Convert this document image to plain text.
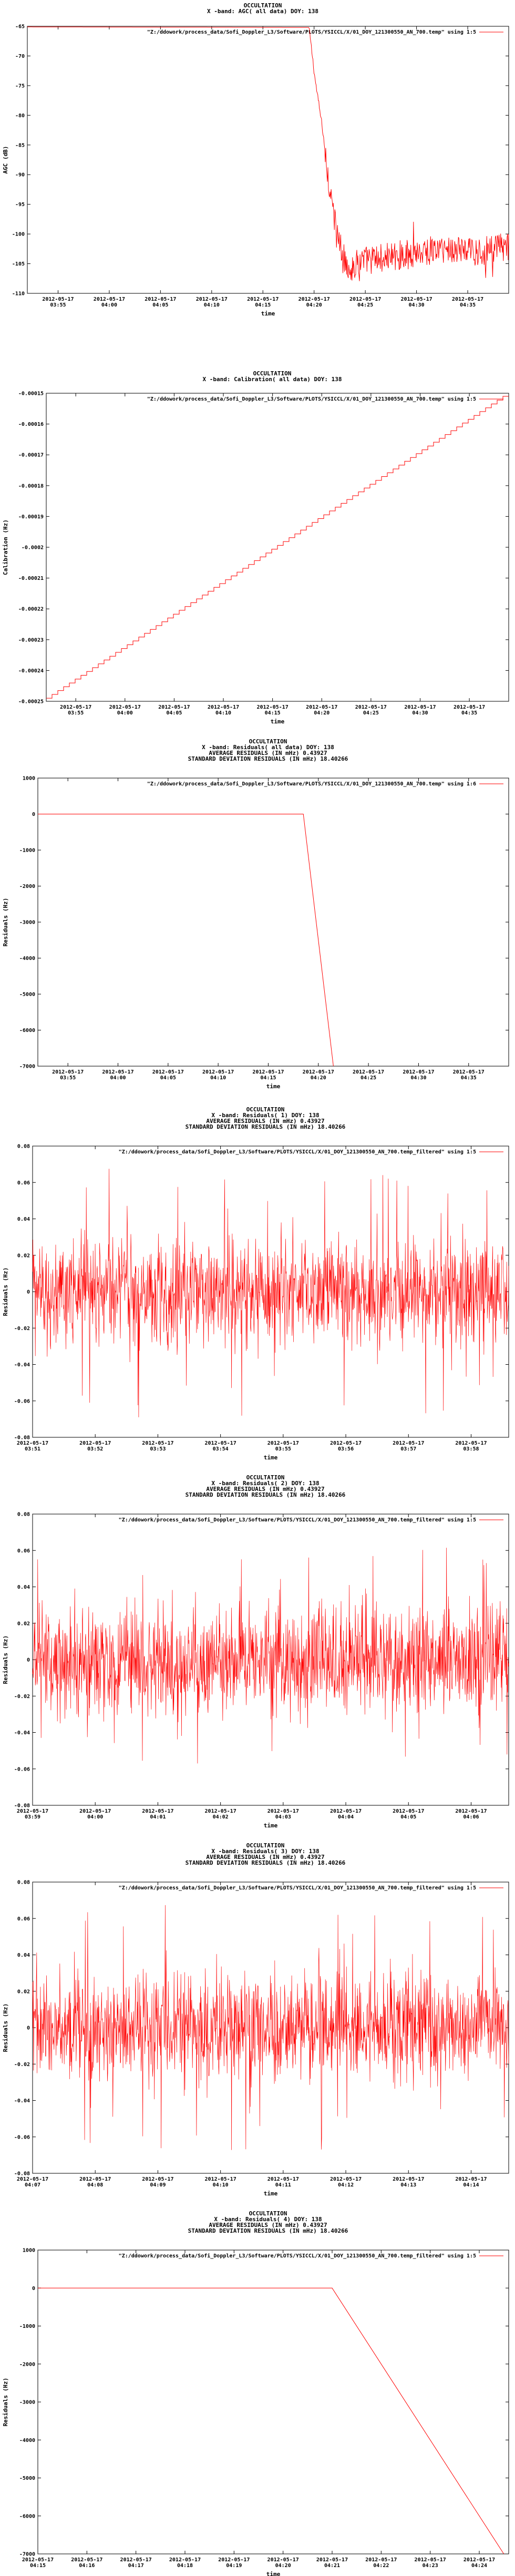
OCCULTATION
X -band: AGC( all data) DOY: 138
-65
-70
-75
-80
-85
-90
-95
-100
-105
-110
2012-05-17
03:55
2012-05-17
04:00
2012-05-17
04:05
2012-05-17
04:10
2012-05-17
04:15
2012-05-17
04:20
2012-05-17
04:25
2012-05-17
04:30
2012-05-17
04:35
time
AGC (dB)
"Z:/ddowork/process_data/Sofi_Doppler_L3/Software/PLOTS/YSICCL/X/01_DOY_121300550_AN_700.temp" using 1:5
OCCULTATION
X -band: Calibration( all data) DOY: 138
-0.00015
-0.00016
-0.00017
-0.00018
-0.00019
-0.0002
-0.00021
-0.00022
-0.00023
-0.00024
-0.00025
2012-05-17
03:55
2012-05-17
04:00
2012-05-17
04:05
2012-05-17
04:10
2012-05-17
04:15
2012-05-17
04:20
2012-05-17
04:25
2012-05-17
04:30
2012-05-17
04:35
time
Calibration (Hz)
"Z:/ddowork/process_data/Sofi_Doppler_L3/Software/PLOTS/YSICCL/X/01_DOY_121300550_AN_700.temp" using 1:5
OCCULTATION
X -band: Residuals( all data) DOY: 138
AVERAGE RESIDUALS (IN mHz) 0.43927
STANDARD DEVIATION RESIDUALS (IN mHz) 18.40266
1000
0
-1000
-2000
-3000
-4000
-5000
-6000
-7000
2012-05-17
03:55
2012-05-17
04:00
2012-05-17
04:05
2012-05-17
04:10
2012-05-17
04:15
2012-05-17
04:20
2012-05-17
04:25
2012-05-17
04:30
2012-05-17
04:35
time
Residuals (Hz)
"Z:/ddowork/process_data/Sofi_Doppler_L3/Software/PLOTS/YSICCL/X/01_DOY_121300550_AN_700.temp" using 1:6
OCCULTATION
X -band: Residuals( 1) DOY: 138
AVERAGE RESIDUALS (IN mHz) 0.43927
STANDARD DEVIATION RESIDUALS (IN mHz) 18.40266
0.08
0.06
0.04
0.02
0
-0.02
-0.04
-0.06
-0.08
2012-05-17
03:51
2012-05-17
03:52
2012-05-17
03:53
2012-05-17
03:54
2012-05-17
03:55
2012-05-17
03:56
2012-05-17
03:57
2012-05-17
03:58
time
Residuals (Hz)
"Z:/ddowork/process_data/Sofi_Doppler_L3/Software/PLOTS/YSICCL/X/01_DOY_121300550_AN_700.temp_filtered" using 1:5
OCCULTATION
X -band: Residuals( 2) DOY: 138
AVERAGE RESIDUALS (IN mHz) 0.43927
STANDARD DEVIATION RESIDUALS (IN mHz) 18.40266
0.08
0.06
0.04
0.02
0
-0.02
-0.04
-0.06
-0.08
2012-05-17
03:59
2012-05-17
04:00
2012-05-17
04:01
2012-05-17
04:02
2012-05-17
04:03
2012-05-17
04:04
2012-05-17
04:05
2012-05-17
04:06
time
Residuals (Hz)
"Z:/ddowork/process_data/Sofi_Doppler_L3/Software/PLOTS/YSICCL/X/01_DOY_121300550_AN_700.temp_filtered" using 1:5
OCCULTATION
X -band: Residuals( 3) DOY: 138
AVERAGE RESIDUALS (IN mHz) 0.43927
STANDARD DEVIATION RESIDUALS (IN mHz) 18.40266
0.08
0.06
0.04
0.02
0
-0.02
-0.04
-0.06
-0.08
2012-05-17
04:07
2012-05-17
04:08
2012-05-17
04:09
2012-05-17
04:10
2012-05-17
04:11
2012-05-17
04:12
2012-05-17
04:13
2012-05-17
04:14
time
Residuals (Hz)
"Z:/ddowork/process_data/Sofi_Doppler_L3/Software/PLOTS/YSICCL/X/01_DOY_121300550_AN_700.temp_filtered" using 1:5
OCCULTATION
X -band: Residuals( 4) DOY: 138
AVERAGE RESIDUALS (IN mHz) 0.43927
STANDARD DEVIATION RESIDUALS (IN mHz) 18.40266
1000
0
-1000
-2000
-3000
-4000
-5000
-6000
-7000
2012-05-17
04:15
2012-05-17
04:16
2012-05-17
04:17
2012-05-17
04:18
2012-05-17
04:19
2012-05-17
04:20
2012-05-17
04:21
2012-05-17
04:22
2012-05-17
04:23
2012-05-17
04:24
time
Residuals (Hz)
"Z:/ddowork/process_data/Sofi_Doppler_L3/Software/PLOTS/YSICCL/X/01_DOY_121300550_AN_700.temp_filtered" using 1:5
